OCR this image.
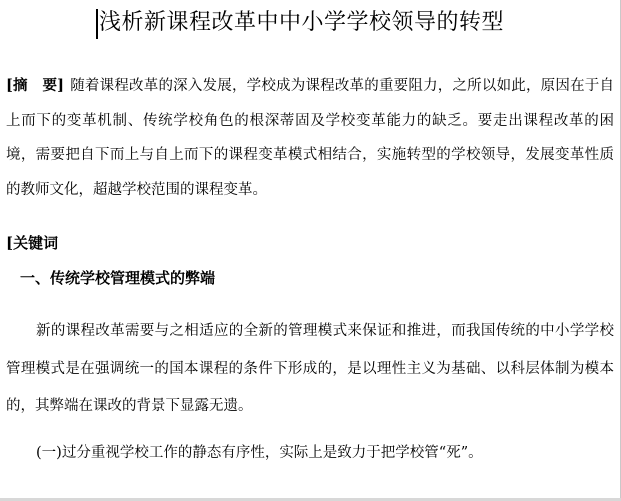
浅析新课程改革中中小学学校领导的转型

[摘　要] 随着课程改革的深入发展，学校成为课程改革的重要阻力，之所以如此，原因在于自上而下的变革机制、传统学校角色的根深蒂固及学校变革能力的缺乏。要走出课程改革的困境，需要把自下而上与自上而下的课程变革模式相结合，实施转型的学校领导，发展变革性质的教师文化，超越学校范围的课程变革。

[关键词

一、传统学校管理模式的弊端

新的课程改革需要与之相适应的全新的管理模式来保证和推进，而我国传统的中小学学校管理模式是在强调统一的国本课程的条件下形成的，是以理性主义为基础、以科层体制为模本 的，其弊端在课改的背景下显露无遗。

(一)过分重视学校工作的静态有序性，实际上是致力于把学校管“死”。
